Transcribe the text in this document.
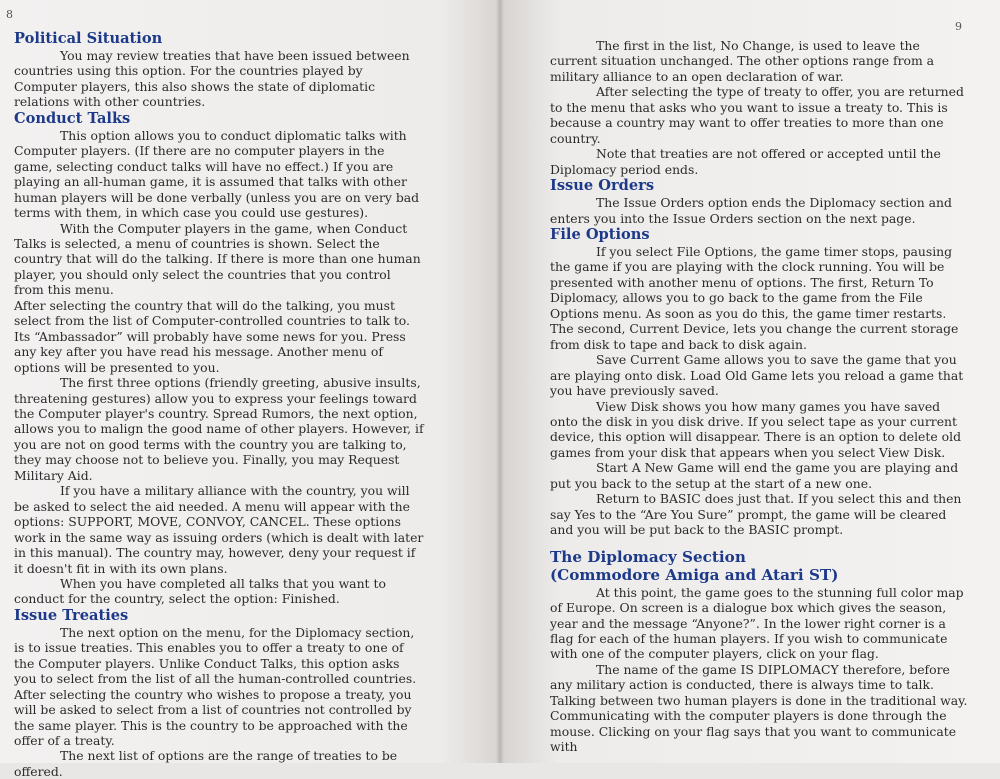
8
Political Situation

You may review treaties that have been issued between countries using this option. For the countries played by Computer players, this also shows the state of diplomatic relations with other countries.

Conduct Talks

This option allows you to conduct diplomatic talks with Computer players. (If there are no computer players in the game, selecting conduct talks will have no effect.) If you are playing an all-human game, it is assumed that talks with other human players will be done verbally (unless you are on very bad terms with them, in which case you could use gestures).

With the Computer players in the game, when Conduct Talks is selected, a menu of countries is shown. Select the country that will do the talking. If there is more than one human player, you should only select the countries that you control from this menu.

After selecting the country that will do the talking, you must select from the list of Computer-controlled countries to talk to. Its “Ambassador” will probably have some news for you. Press any key after you have read his message. Another menu of options will be presented to you.

The first three options (friendly greeting, abusive insults, threatening gestures) allow you to express your feelings toward the Computer player's country. Spread Rumors, the next option, allows you to malign the good name of other players. However, if you are not on good terms with the country you are talking to, they may choose not to believe you. Finally, you may Request Military Aid.

If you have a military alliance with the country, you will be asked to select the aid needed. A menu will appear with the options: SUPPORT, MOVE, CONVOY, CANCEL. These options work in the same way as issuing orders (which is dealt with later in this manual). The country may, however, deny your request if it doesn't fit in with its own plans.

When you have completed all talks that you want to conduct for the country, select the option: Finished.

Issue Treaties

The next option on the menu, for the Diplomacy section, is to issue treaties. This enables you to offer a treaty to one of the Computer players. Unlike Conduct Talks, this option asks you to select from the list of all the human-controlled countries. After selecting the country who wishes to propose a treaty, you will be asked to select from a list of countries not controlled by the same player. This is the country to be approached with the offer of a treaty.

The next list of options are the range of treaties to be offered.

9

The first in the list, No Change, is used to leave the current situation unchanged. The other options range from a military alliance to an open declaration of war.

After selecting the type of treaty to offer, you are returned to the menu that asks who you want to issue a treaty to. This is because a country may want to offer treaties to more than one country.

Note that treaties are not offered or accepted until the Diplomacy period ends.

Issue Orders

The Issue Orders option ends the Diplomacy section and enters you into the Issue Orders section on the next page.

File Options

If you select File Options, the game timer stops, pausing the game if you are playing with the clock running. You will be presented with another menu of options. The first, Return To Diplomacy, allows you to go back to the game from the File Options menu. As soon as you do this, the game timer restarts. The second, Current Device, lets you change the current storage from disk to tape and back to disk again.

Save Current Game allows you to save the game that you are playing onto disk. Load Old Game lets you reload a game that you have previously saved.

View Disk shows you how many games you have saved onto the disk in you disk drive. If you select tape as your current device, this option will disappear. There is an option to delete old games from your disk that appears when you select View Disk.

Start A New Game will end the game you are playing and put you back to the setup at the start of a new one.

Return to BASIC does just that. If you select this and then say Yes to the “Are You Sure” prompt, the game will be cleared and you will be put back to the BASIC prompt.

The Diplomacy Section
(Commodore Amiga and Atari ST)

At this point, the game goes to the stunning full color map of Europe. On screen is a dialogue box which gives the season, year and the message “Anyone?”. In the lower right corner is a flag for each of the human players. If you wish to communicate with one of the computer players, click on your flag.

The name of the game IS DIPLOMACY therefore, before any military action is conducted, there is always time to talk. Talking between two human players is done in the traditional way. Communicating with the computer players is done through the mouse. Clicking on your flag says that you want to communicate with
